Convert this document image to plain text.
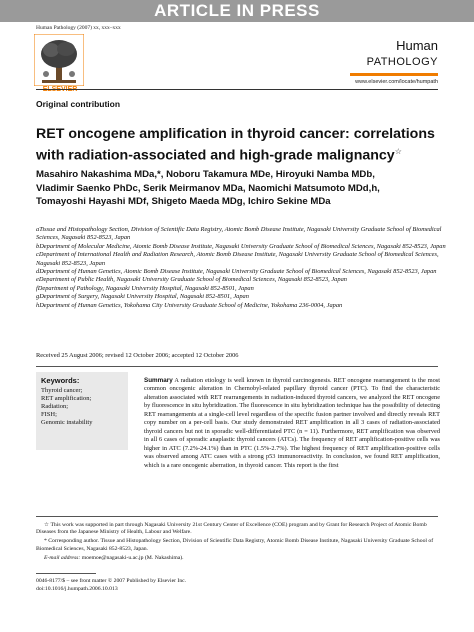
ARTICLE IN PRESS
Human Pathology (2007) xx, xxx–xxx
Human
PATHOLOGY
www.elsevier.com/locate/humpath
Original contribution
RET oncogene amplification in thyroid cancer: correlations with radiation-associated and high-grade malignancy☆
Masahiro Nakashima MDa,*, Noboru Takamura MDe, Hiroyuki Namba MDb,
Vladimir Saenko PhDc, Serik Meirmanov MDa, Naomichi Matsumoto MDd,h,
Tomayoshi Hayashi MDf, Shigeto Maeda MDg, Ichiro Sekine MDa
aTissue and Histopathology Section, Division of Scientific Data Registry, Atomic Bomb Disease Institute, Nagasaki University Graduate School of Biomedical Sciences, Nagasaki 852-8523, Japan
bDepartment of Molecular Medicine, Atomic Bomb Disease Institute, Nagasaki University Graduate School of Biomedical Sciences, Nagasaki 852-8523, Japan
cDepartment of International Health and Radiation Research, Atomic Bomb Disease Institute, Nagasaki University Graduate School of Biomedical Sciences, Nagasaki 852-8523, Japan
dDepartment of Human Genetics, Atomic Bomb Disease Institute, Nagasaki University Graduate School of Biomedical Sciences, Nagasaki 852-8523, Japan
eDepartment of Public Health, Nagasaki University Graduate School of Biomedical Sciences, Nagasaki 852-8523, Japan
fDepartment of Pathology, Nagasaki University Hospital, Nagasaki 852-8501, Japan
gDepartment of Surgery, Nagasaki University Hospital, Nagasaki 852-8501, Japan
hDepartment of Human Genetics, Yokohama City University Graduate School of Medicine, Yokohama 236-0004, Japan
Received 25 August 2006; revised 12 October 2006; accepted 12 October 2006
Keywords:
Thyroid cancer;
RET amplification;
Radiation;
FISH;
Genomic instability
Summary A radiation etiology is well known in thyroid carcinogenesis. RET oncogene rearrangement is the most common oncogenic alteration in Chernobyl-related papillary thyroid cancer (PTC). To find the characteristic alteration associated with RET rearrangements in radiation-induced thyroid cancers, we analyzed the RET oncogene by fluorescence in situ hybridization. The fluorescence in situ hybridization technique has the possibility of detecting RET rearrangements at a single-cell level regardless of the specific fusion partner involved and directly reveals RET copy number on a per-cell basis. Our study demonstrated RET amplification in all 3 cases of radiation-associated thyroid cancers but not in sporadic well-differentiated PTC (n = 11). Furthermore, RET amplification was observed in all 6 cases of sporadic anaplastic thyroid cancers (ATCs). The frequency of RET amplification-positive cells was higher in ATC (7.2%-24.1%) than in PTC (1.5%-2.7%). The highest frequency of RET amplification-positive cells was observed among ATC cases with a strong p53 immunoreactivity. In conclusion, we found RET amplification, which is a rare oncogenic aberration, in thyroid cancer. This report is the first

☆ This work was supported in part through Nagasaki University 21st Century Center of Excellence (COE) program and by Grant for Research Project of Atomic Bomb Diseases from the Japanese Ministry of Health, Labour and Welfare.

* Corresponding author. Tissue and Histopathology Section, Division of Scientific Data Registry, Atomic Bomb Disease Institute, Nagasaki University Graduate School of Biomedical Sciences, Nagasaki 852-8523, Japan.

E-mail address: moemoe@nagasaki-u.ac.jp (M. Nakashima).

0046-8177/$ – see front matter © 2007 Published by Elsevier Inc.
doi:10.1016/j.humpath.2006.10.013
